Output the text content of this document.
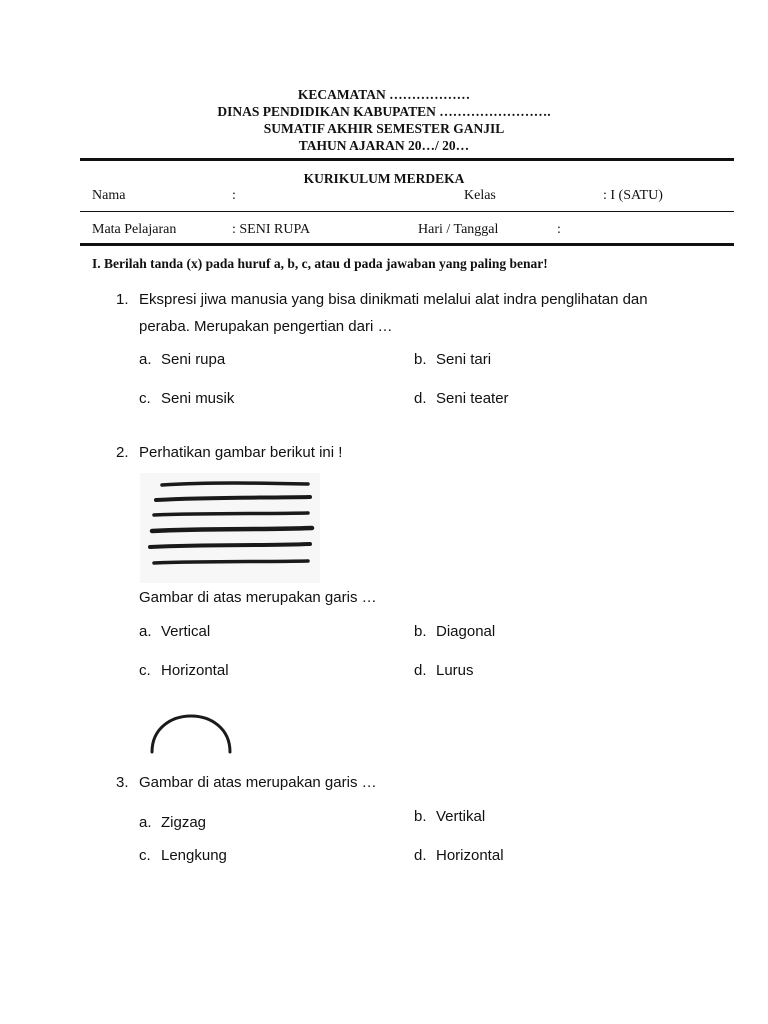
KECAMATAN ………………
DINAS PENDIDIKAN KABUPATEN …………………….
SUMATIF AKHIR SEMESTER GANJIL
TAHUN AJARAN 20…/ 20…
KURIKULUM MERDEKA
Nama	:	Kelas	: I (SATU)
Mata Pelajaran	: SENI RUPA	Hari / Tanggal	:
I. Berilah tanda (x) pada huruf a, b, c, atau d pada jawaban yang paling benar!
1. Ekspresi jiwa manusia yang bisa dinikmati melalui alat indra penglihatan dan
peraba. Merupakan pengertian dari …
a. Seni rupa	b. Seni tari
c. Seni musik	d. Seni teater
2. Perhatikan gambar berikut ini !
Gambar di atas merupakan garis …
a. Vertical	b. Diagonal
c. Horizontal	d. Lurus
3. Gambar di atas merupakan garis …
a. Zigzag	b. Vertikal
c. Lengkung	d. Horizontal
